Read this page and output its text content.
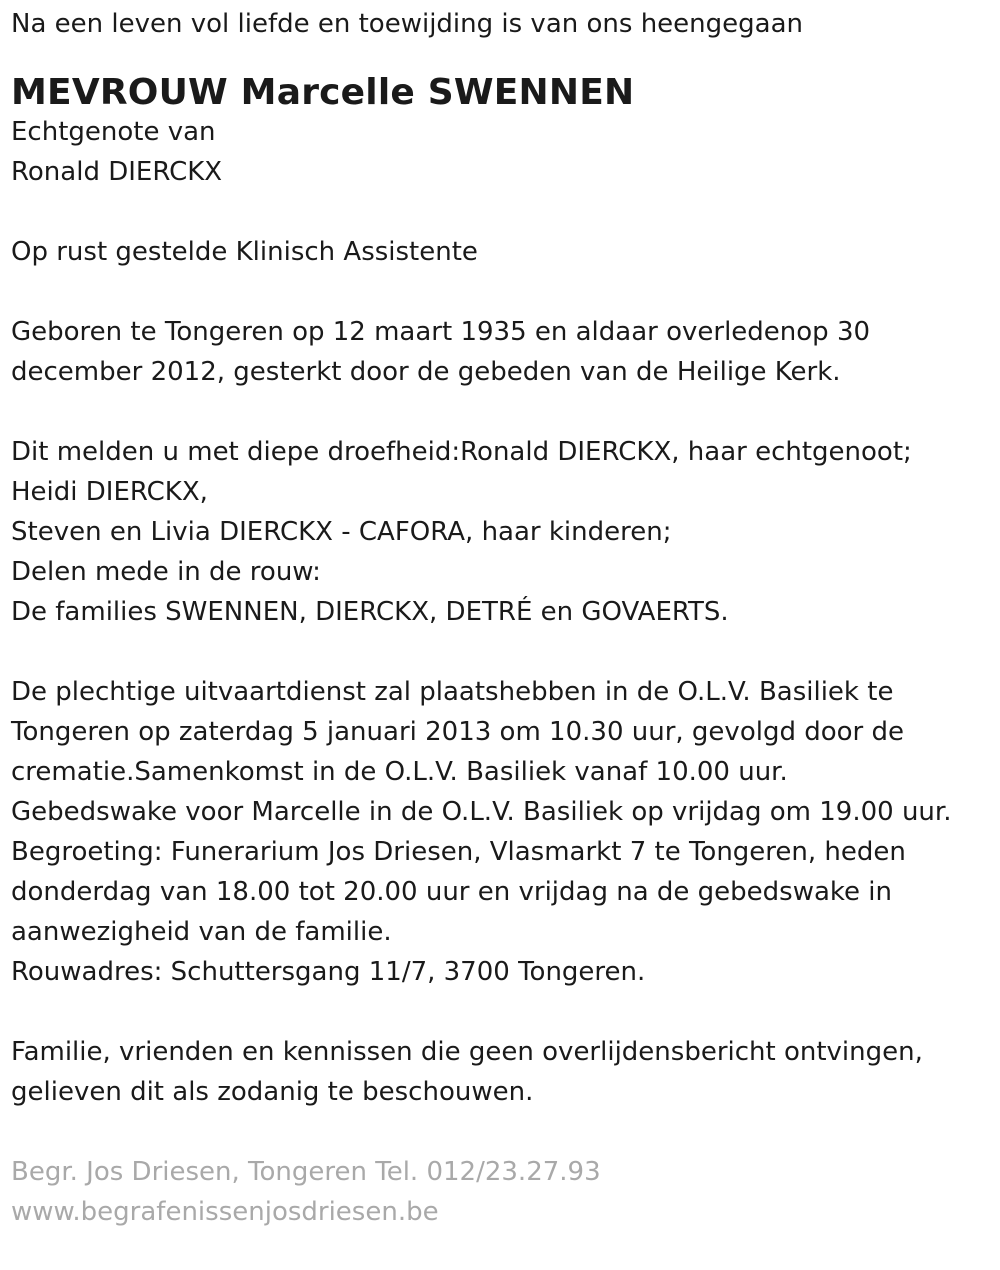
Na een leven vol liefde en toewijding is van ons heengegaan

MEVROUW Marcelle SWENNEN

Echtgenote van

Ronald DIERCKX

Op rust gestelde Klinisch Assistente

Geboren te Tongeren op 12 maart 1935 en aldaar overledenop 30

december 2012, gesterkt door de gebeden van de Heilige Kerk.

Dit melden u met diepe droefheid:Ronald DIERCKX, haar echtgenoot;

Heidi DIERCKX,

Steven en Livia DIERCKX - CAFORA, haar kinderen;

Delen mede in de rouw:

De families SWENNEN, DIERCKX, DETRÉ en GOVAERTS.

De plechtige uitvaartdienst zal plaatshebben in de O.L.V. Basiliek te

Tongeren op zaterdag 5 januari 2013 om 10.30 uur, gevolgd door de

crematie.Samenkomst in de O.L.V. Basiliek vanaf 10.00 uur.

Gebedswake voor Marcelle in de O.L.V. Basiliek op vrijdag om 19.00 uur.

Begroeting: Funerarium Jos Driesen, Vlasmarkt 7 te Tongeren, heden

donderdag van 18.00 tot 20.00 uur en vrijdag na de gebedswake in

aanwezigheid van de familie.

Rouwadres: Schuttersgang 11/7, 3700 Tongeren.

Familie, vrienden en kennissen die geen overlijdensbericht ontvingen,

gelieven dit als zodanig te beschouwen.

Begr. Jos Driesen, Tongeren Tel. 012/23.27.93

www.begrafenissenjosdriesen.be
